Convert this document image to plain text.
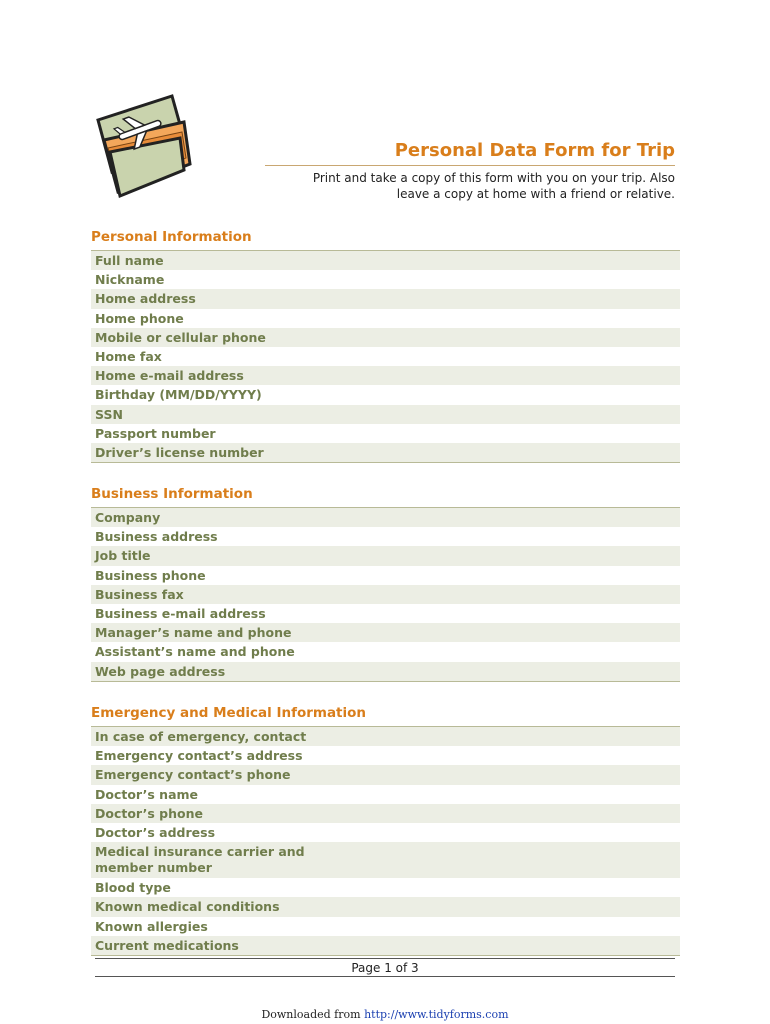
Personal Data Form for Trip
Print and take a copy of this form with you on your trip. Also
leave a copy at home with a friend or relative.
Personal Information
Full name
Nickname
Home address
Home phone
Mobile or cellular phone
Home fax
Home e-mail address
Birthday (MM/DD/YYYY)
SSN
Passport number
Driver’s license number
Business Information
Company
Business address
Job title
Business phone
Business fax
Business e-mail address
Manager’s name and phone
Assistant’s name and phone
Web page address
Emergency and Medical Information
In case of emergency, contact
Emergency contact’s address
Emergency contact’s phone
Doctor’s name
Doctor’s phone
Doctor’s address
Medical insurance carrier and member number
Blood type
Known medical conditions
Known allergies
Current medications
Page 1 of 3
Downloaded from http://www.tidyforms.com
